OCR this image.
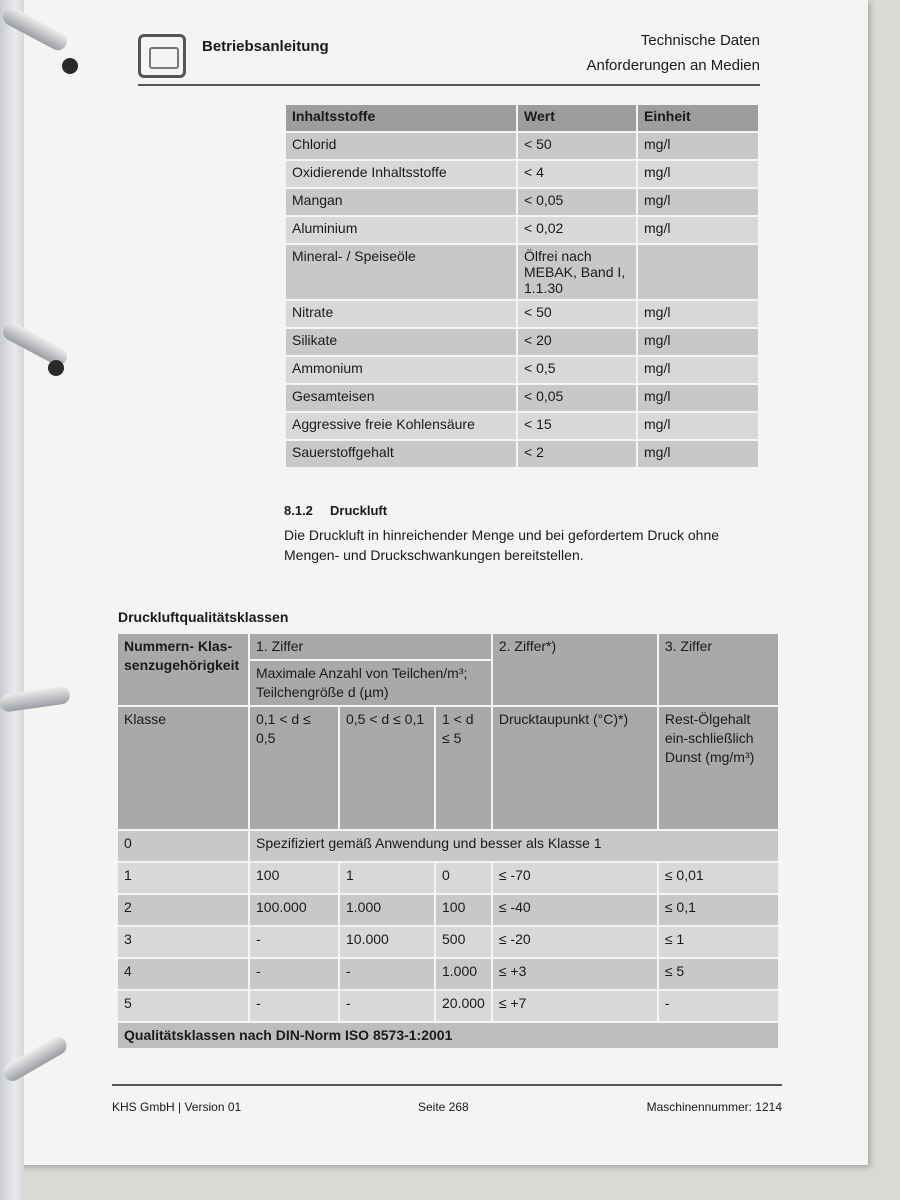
Betriebsanleitung	Technische Daten
Anforderungen an Medien
Inhaltsstoffe	Wert	Einheit
Chlorid	< 50	mg/l
Oxidierende Inhaltsstoffe	< 4	mg/l
Mangan	< 0,05	mg/l
Aluminium	< 0,02	mg/l
Mineral- / Speiseöle	Ölfrei nach MEBAK, Band I, 1.1.30	
Nitrate	< 50	mg/l
Silikate	< 20	mg/l
Ammonium	< 0,5	mg/l
Gesamteisen	< 0,05	mg/l
Aggressive freie Kohlensäure	< 15	mg/l
Sauerstoffgehalt	< 2	mg/l
8.1.2 Druckluft
Die Druckluft in hinreichender Menge und bei gefordertem Druck ohne Mengen- und Druckschwankungen bereitstellen.
Druckluftqualitätsklassen
Nummern- Klas-senzugehörigkeit	1. Ziffer			2. Ziffer*)	3. Ziffer
	Maximale Anzahl von Teilchen/m³; Teilchengröße d (µm)				
Klasse	0,1 < d ≤ 0,5	0,5 < d ≤ 0,1	1 < d ≤ 5	Drucktaupunkt (°C)*)	Rest-Ölgehalt ein-schließlich Dunst (mg/m³)
0	Spezifiziert gemäß Anwendung und besser als Klasse 1				
1	100	1	0	≤ -70	≤ 0,01
2	100.000	1.000	100	≤ -40	≤ 0,1
3	-	10.000	500	≤ -20	≤ 1
4	-	-	1.000	≤ +3	≤ 5
5	-	-	20.000	≤ +7	-
Qualitätsklassen nach DIN-Norm ISO 8573-1:2001					
KHS GmbH | Version 01	Seite 268	Maschinennummer: 1214
